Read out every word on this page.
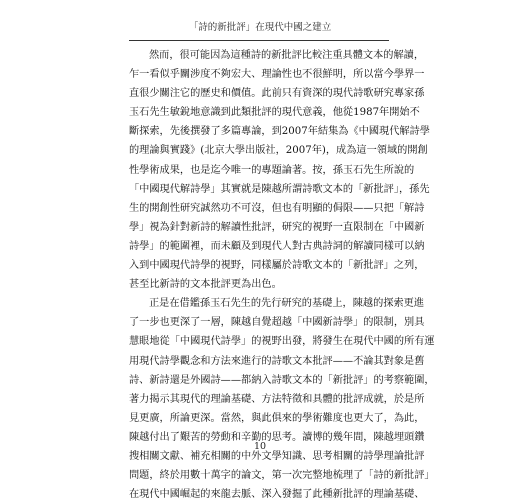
「詩的新批評」在現代中國之建立
然而，很可能因為這種詩的新批評比較注重具體文本的解讀，
乍一看似乎關涉度不夠宏大、理論性也不很鮮明，所以當今學界一
直很少關注它的歷史和價值。此前只有資深的現代詩歌研究專家孫
玉石先生敏銳地意識到此類批評的現代意義，他從1987年開始不
斷探索，先後撰發了多篇專論，到2007年結集為《中國現代解詩學
的理論與實踐》(北京大學出版社，2007年)，成為這一領域的開創
性學術成果，也是迄今唯一的專題論著。按，孫玉石先生所說的
「中國現代解詩學」其實就是陳越所謂詩歌文本的「新批評」，孫先
生的開創性研究誠然功不可沒，但也有明顯的侷限——只把「解詩
學」視為針對新詩的解讀性批評，研究的視野一直限制在「中國新
詩學」的範圍裡，而未顧及到現代人對古典詩詞的解讀同樣可以納
入到中國現代詩學的視野，同樣屬於詩歌文本的「新批評」之列，
甚至比新詩的文本批評更為出色。
正是在借鑑孫玉石先生的先行研究的基礎上，陳越的探索更進
了一步也更深了一層，陳越自覺超越「中國新詩學」的限制，別具
慧眼地從「中國現代詩學」的視野出發，將發生在現代中國的所有運
用現代詩學觀念和方法來進行的詩歌文本批評——不論其對象是舊
詩、新詩還是外國詩——都納入詩歌文本的「新批評」的考察範圍，
著力揭示其現代的理論基礎、方法特徵和具體的批評成就，於是所
見更廣，所論更深。當然，與此俱來的學術難度也更大了，為此，
陳越付出了艱苦的勞動和辛勤的思考。讀博的幾年間，陳越埋頭鑽
搜相關文獻、補充相關的中外文學知識、思考相關的詩學理論批評
問題，終於用數十萬字的論文，第一次完整地梳理了「詩的新批評」
在現代中國崛起的來龍去脈、深入發掘了此種新批評的理論基礎、
10
